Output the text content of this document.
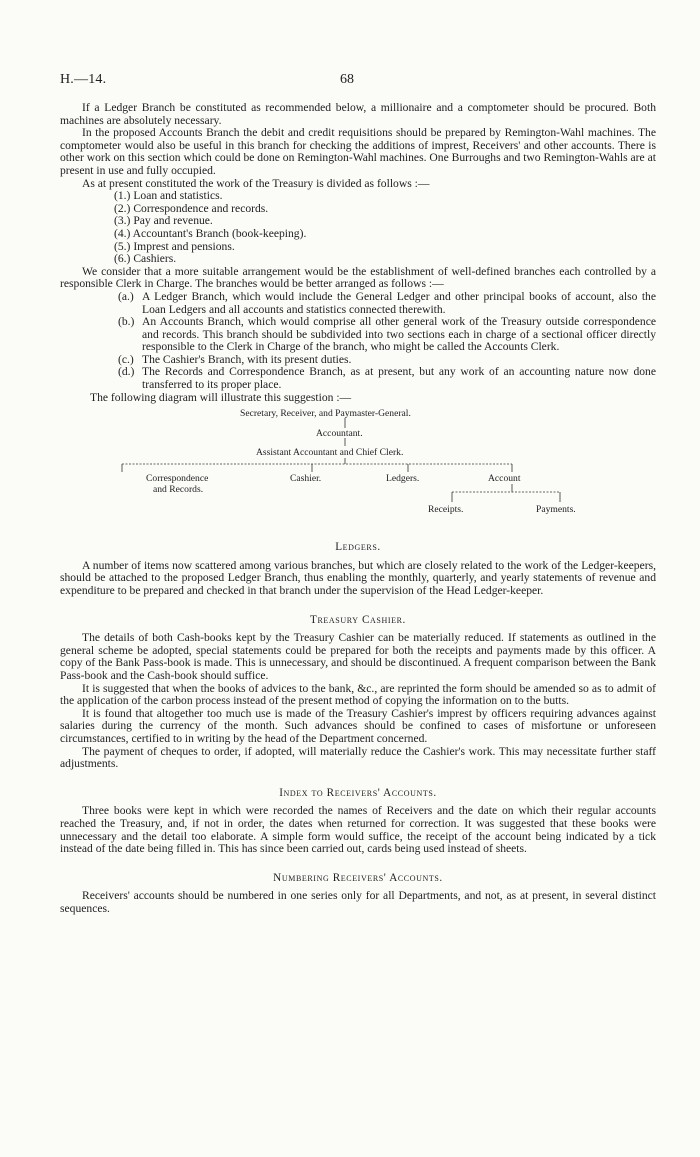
H.—14.	68

If a Ledger Branch be constituted as recommended below, a millionaire and a comptometer should be procured. Both machines are absolutely necessary.

In the proposed Accounts Branch the debit and credit requisitions should be prepared by Remington-Wahl machines. The comptometer would also be useful in this branch for checking the additions of imprest, Receivers' and other accounts. There is other work on this section which could be done on Remington-Wahl machines. One Burroughs and two Remington-Wahls are at present in use and fully occupied.

As at present constituted the work of the Treasury is divided as follows :—

(1.) Loan and statistics.

(2.) Correspondence and records.

(3.) Pay and revenue.

(4.) Accountant's Branch (book-keeping).

(5.) Imprest and pensions.

(6.) Cashiers.

We consider that a more suitable arrangement would be the establishment of well-defined branches each controlled by a responsible Clerk in Charge. The branches would be better arranged as follows :—

(a.) A Ledger Branch, which would include the General Ledger and other principal books of account, also the Loan Ledgers and all accounts and statistics connected therewith.

(b.) An Accounts Branch, which would comprise all other general work of the Treasury outside correspondence and records. This branch should be subdivided into two sections each in charge of a sectional officer directly responsible to the Clerk in Charge of the branch, who might be called the Accounts Clerk.

(c.) The Cashier's Branch, with its present duties.

(d.) The Records and Correspondence Branch, as at present, but any work of an accounting nature now done transferred to its proper place.

The following diagram will illustrate this suggestion :—

Secretary, Receiver, and Paymaster-General.
Accountant.
Assistant Accountant and Chief Clerk.
Correspondence
and Records.
Cashier.	Ledgers.	Account
Receipts.	Payments.
Ledgers.

A number of items now scattered among various branches, but which are closely related to the work of the Ledger-keepers, should be attached to the proposed Ledger Branch, thus enabling the monthly, quarterly, and yearly statements of revenue and expenditure to be prepared and checked in that branch under the supervision of the Head Ledger-keeper.

Treasury Cashier.

The details of both Cash-books kept by the Treasury Cashier can be materially reduced. If statements as outlined in the general scheme be adopted, special statements could be prepared for both the receipts and payments made by this officer. A copy of the Bank Pass-book is made. This is unnecessary, and should be discontinued. A frequent comparison between the Bank Pass-book and the Cash-book should suffice.

It is suggested that when the books of advices to the bank, &c., are reprinted the form should be amended so as to admit of the application of the carbon process instead of the present method of copying the information on to the butts.

It is found that altogether too much use is made of the Treasury Cashier's imprest by officers requiring advances against salaries during the currency of the month. Such advances should be confined to cases of misfortune or unforeseen circumstances, certified to in writing by the head of the Department concerned.

The payment of cheques to order, if adopted, will materially reduce the Cashier's work. This may necessitate further staff adjustments.

Index to Receivers' Accounts.

Three books were kept in which were recorded the names of Receivers and the date on which their regular accounts reached the Treasury, and, if not in order, the dates when returned for correction. It was suggested that these books were unnecessary and the detail too elaborate. A simple form would suffice, the receipt of the account being indicated by a tick instead of the date being filled in. This has since been carried out, cards being used instead of sheets.

Numbering Receivers' Accounts.

Receivers' accounts should be numbered in one series only for all Departments, and not, as at present, in several distinct sequences.
